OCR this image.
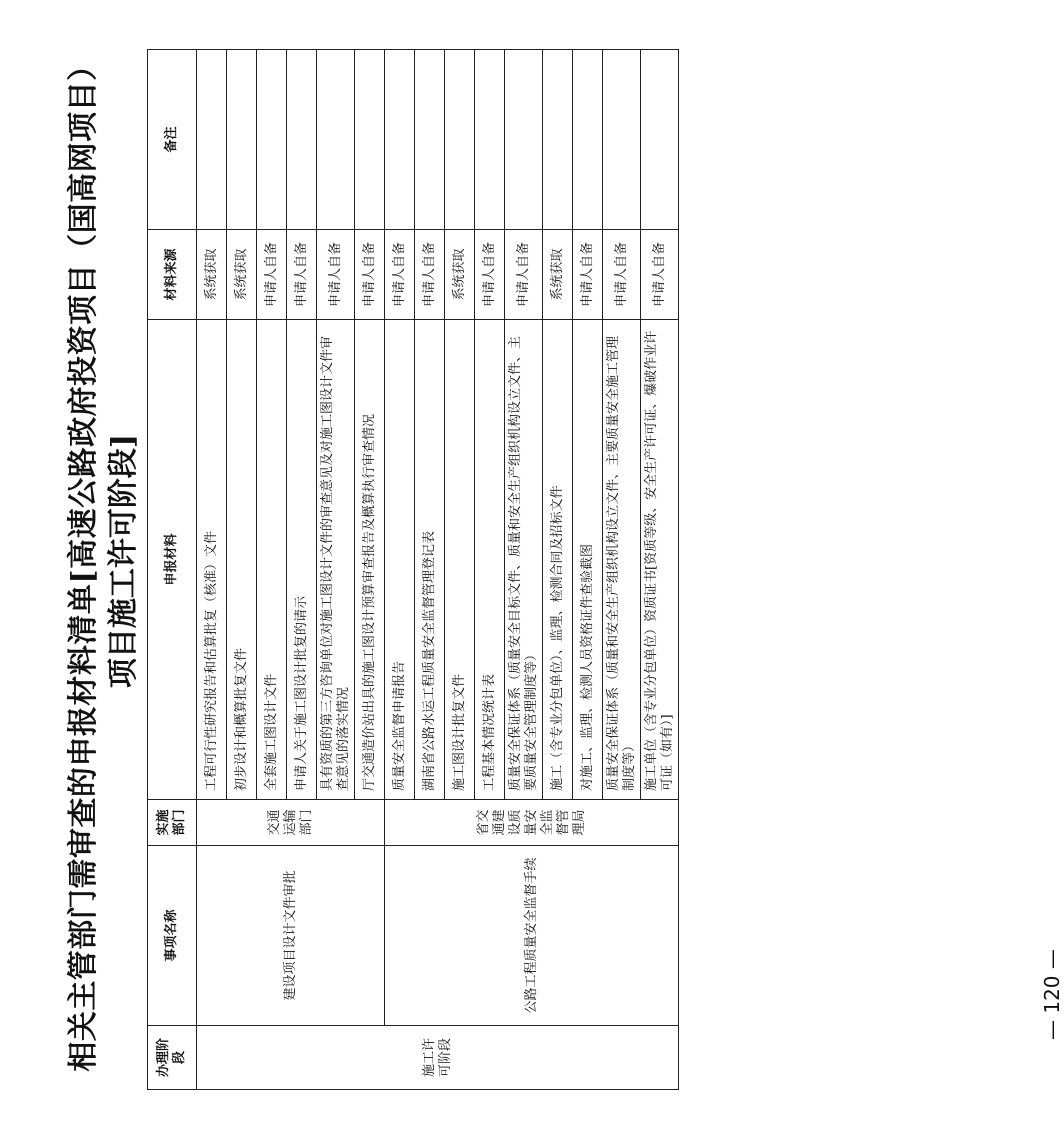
相关主管部门需审查的申报材料清单[高速公路政府投资项目（国高网项目） 项目施工许可阶段]
办理阶段	事项名称	实施部门	申报材料	材料来源	备注
施工许可阶段	建设项目设计文件审批	交通运输部门	工程可行性研究报告和估算批复（核准）文件	系统获取	
			初步设计和概算批复文件	系统获取	
			全套施工图设计文件	申请人自备	
			申请人关于施工图设计批复的请示	申请人自备	
			具有资质的第三方咨询单位对施工图设计文件的审查意见及对施工图设计文件审查意见的落实情况	申请人自备	
			厅交通造价站出具的施工图设计预算审查报告及概算执行审查情况	申请人自备	
	公路工程质量安全监督手续	省交通建设质量安全监督管理局	质量安全监督申请报告	申请人自备	
			湖南省公路水运工程质量安全监督管理登记表	申请人自备	
			施工图设计批复文件	系统获取	
			工程基本情况统计表	申请人自备	
			质量安全保证体系（质量安全目标文件、质量和安全生产组织机构设立文件、主要质量安全管理制度等）	申请人自备	
			施工（含专业分包单位）、监理、检测合同及招标文件	系统获取	
			对施工、监理、检测人员资格证件查验截图	申请人自备	
			质量安全保证体系（质量和安全生产组织机构设立文件、主要质量安全施工管理制度等）	申请人自备	
			施工单位（含专业分包单位）资质证书[资质等级、安全生产许可证、爆破作业许可证（如有）]	申请人自备	
— 120 —
